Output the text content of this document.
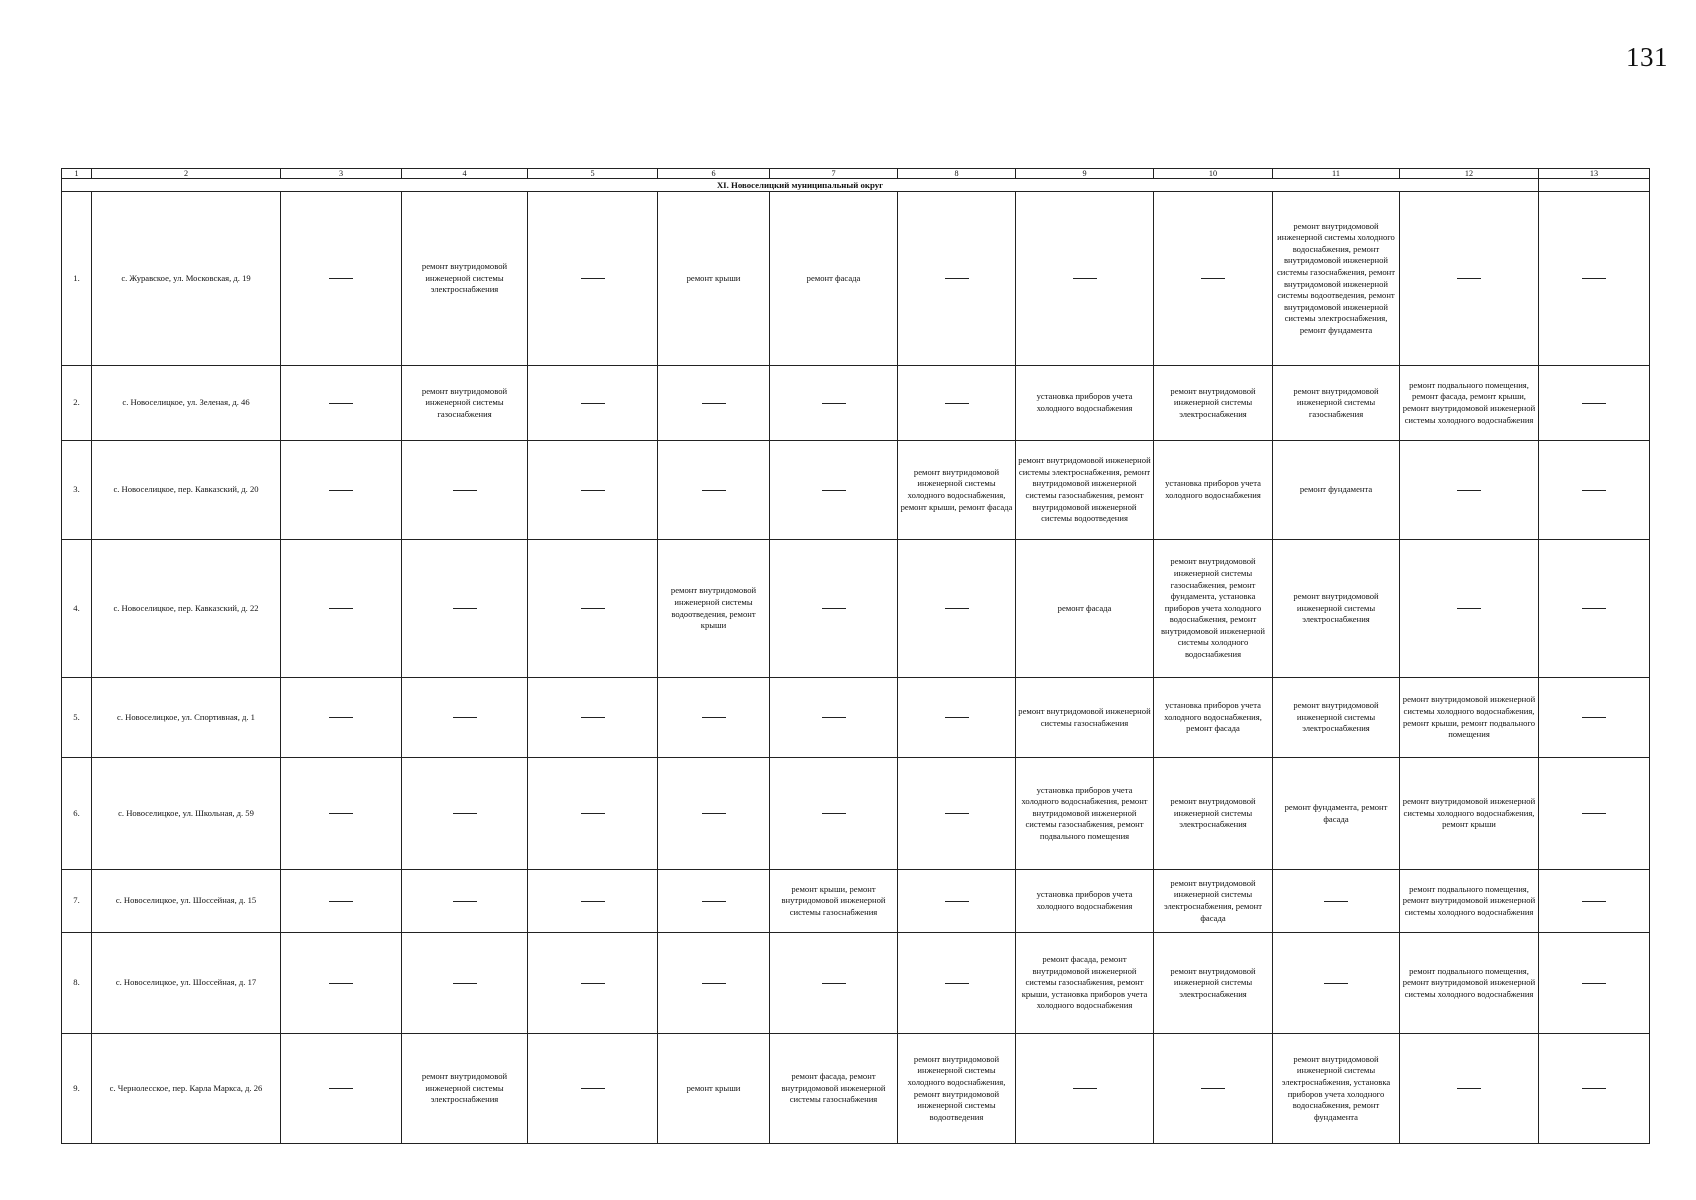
131
1	2	3	4	5	6	7	8	9	10	11	12	13
XI. Новоселицкий муниципальный округ												
1.	с. Журавское, ул. Московская, д. 19		ремонт внутридомовой инженерной системы электроснабжения		ремонт крыши	ремонт фасада				ремонт внутридомовой инженерной системы холодного водоснабжения, ремонт внутридомовой инженерной системы газоснабжения, ремонт внутридомовой инженерной системы водоотведения, ремонт внутридомовой инженерной системы электроснабжения, ремонт фундамента		
2.	с. Новоселицкое, ул. Зеленая, д. 46		ремонт внутридомовой инженерной системы газоснабжения					установка приборов учета холодного водоснабжения	ремонт внутридомовой инженерной системы электроснабжения	ремонт внутридомовой инженерной системы газоснабжения	ремонт подвального помещения, ремонт фасада, ремонт крыши, ремонт внутридомовой инженерной системы холодного водоснабжения	
3.	с. Новоселицкое, пер. Кавказский, д. 20						ремонт внутридомовой инженерной системы холодного водоснабжения, ремонт крыши, ремонт фасада	ремонт внутридомовой инженерной системы электроснабжения, ремонт внутридомовой инженерной системы газоснабжения, ремонт внутридомовой инженерной системы водоотведения	установка приборов учета холодного водоснабжения	ремонт фундамента		
4.	с. Новоселицкое, пер. Кавказский, д. 22				ремонт внутридомовой инженерной системы водоотведения, ремонт крыши			ремонт фасада	ремонт внутридомовой инженерной системы газоснабжения, ремонт фундамента, установка приборов учета холодного водоснабжения, ремонт внутридомовой инженерной системы холодного водоснабжения	ремонт внутридомовой инженерной системы электроснабжения		
5.	с. Новоселицкое, ул. Спортивная, д. 1							ремонт внутридомовой инженерной системы газоснабжения	установка приборов учета холодного водоснабжения, ремонт фасада	ремонт внутридомовой инженерной системы электроснабжения	ремонт внутридомовой инженерной системы холодного водоснабжения, ремонт крыши, ремонт подвального помещения	
6.	с. Новоселицкое, ул. Школьная, д. 59							установка приборов учета холодного водоснабжения, ремонт внутридомовой инженерной системы газоснабжения, ремонт подвального помещения	ремонт внутридомовой инженерной системы электроснабжения	ремонт фундамента, ремонт фасада	ремонт внутридомовой инженерной системы холодного водоснабжения, ремонт крыши	
7.	с. Новоселицкое, ул. Шоссейная, д. 15					ремонт крыши, ремонт внутридомовой инженерной системы газоснабжения		установка приборов учета холодного водоснабжения	ремонт внутридомовой инженерной системы электроснабжения, ремонт фасада		ремонт подвального помещения, ремонт внутридомовой инженерной системы холодного водоснабжения	
8.	с. Новоселицкое, ул. Шоссейная, д. 17							ремонт фасада, ремонт внутридомовой инженерной системы газоснабжения, ремонт крыши, установка приборов учета холодного водоснабжения	ремонт внутридомовой инженерной системы электроснабжения		ремонт подвального помещения, ремонт внутридомовой инженерной системы холодного водоснабжения	
9.	с. Чернолесское, пер. Карла Маркса, д. 26		ремонт внутридомовой инженерной системы электроснабжения		ремонт крыши	ремонт фасада, ремонт внутридомовой инженерной системы газоснабжения	ремонт внутридомовой инженерной системы холодного водоснабжения, ремонт внутридомовой инженерной системы водоотведения			ремонт внутридомовой инженерной системы электроснабжения, установка приборов учета холодного водоснабжения, ремонт фундамента		
